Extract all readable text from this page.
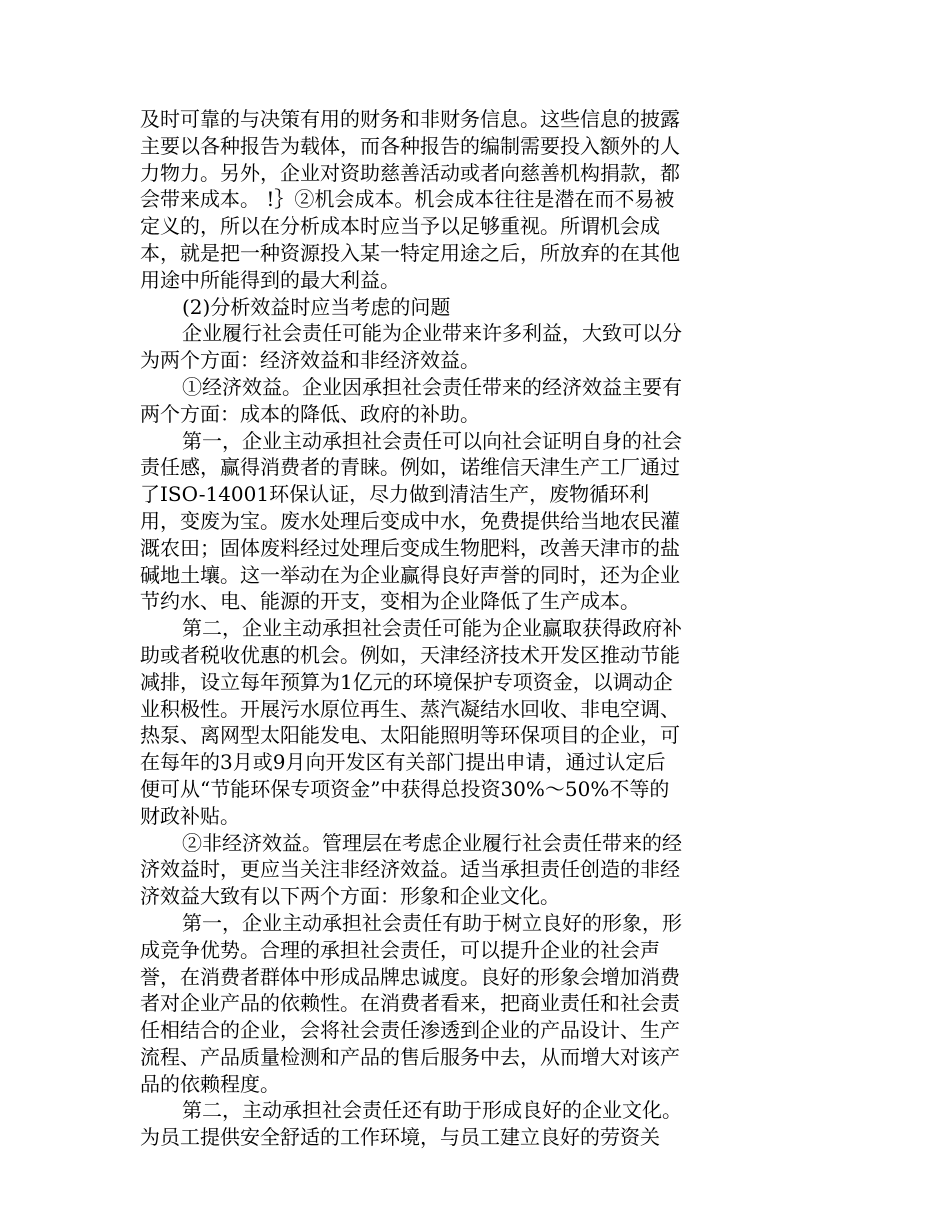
及时可靠的与决策有用的财务和非财务信息。这些信息的披露
主要以各种报告为载体，而各种报告的编制需要投入额外的人
力物力。另外，企业对资助慈善活动或者向慈善机构捐款，都
会带来成本。 !｝②机会成本。机会成本往往是潜在而不易被
定义的，所以在分析成本时应当予以足够重视。所谓机会成
本，就是把一种资源投入某一特定用途之后，所放弃的在其他
用途中所能得到的最大利益。
(2)分析效益时应当考虑的问题
企业履行社会责任可能为企业带来许多利益，大致可以分
为两个方面：经济效益和非经济效益。
①经济效益。企业因承担社会责任带来的经济效益主要有
两个方面：成本的降低、政府的补助。
第一，企业主动承担社会责任可以向社会证明自身的社会
责任感，赢得消费者的青睐。例如，诺维信天津生产工厂通过
了ISO-14001环保认证，尽力做到清洁生产，废物循环利
用，变废为宝。废水处理后变成中水，免费提供给当地农民灌
溉农田；固体废料经过处理后变成生物肥料，改善天津市的盐
碱地土壤。这一举动在为企业赢得良好声誉的同时，还为企业
节约水、电、能源的开支，变相为企业降低了生产成本。
第二，企业主动承担社会责任可能为企业赢取获得政府补
助或者税收优惠的机会。例如，天津经济技术开发区推动节能
减排，设立每年预算为1亿元的环境保护专项资金，以调动企
业积极性。开展污水原位再生、蒸汽凝结水回收、非电空调、
热泵、离网型太阳能发电、太阳能照明等环保项目的企业，可
在每年的3月或9月向开发区有关部门提出申请，通过认定后
便可从“节能环保专项资金”中获得总投资30%～50%不等的
财政补贴。
②非经济效益。管理层在考虑企业履行社会责任带来的经
济效益时，更应当关注非经济效益。适当承担责任创造的非经
济效益大致有以下两个方面：形象和企业文化。
第一，企业主动承担社会责任有助于树立良好的形象，形
成竞争优势。合理的承担社会责任，可以提升企业的社会声
誉，在消费者群体中形成品牌忠诚度。良好的形象会增加消费
者对企业产品的依赖性。在消费者看来，把商业责任和社会责
任相结合的企业，会将社会责任渗透到企业的产品设计、生产
流程、产品质量检测和产品的售后服务中去，从而增大对该产
品的依赖程度。
第二，主动承担社会责任还有助于形成良好的企业文化。
为员工提供安全舒适的工作环境，与员工建立良好的劳资关
